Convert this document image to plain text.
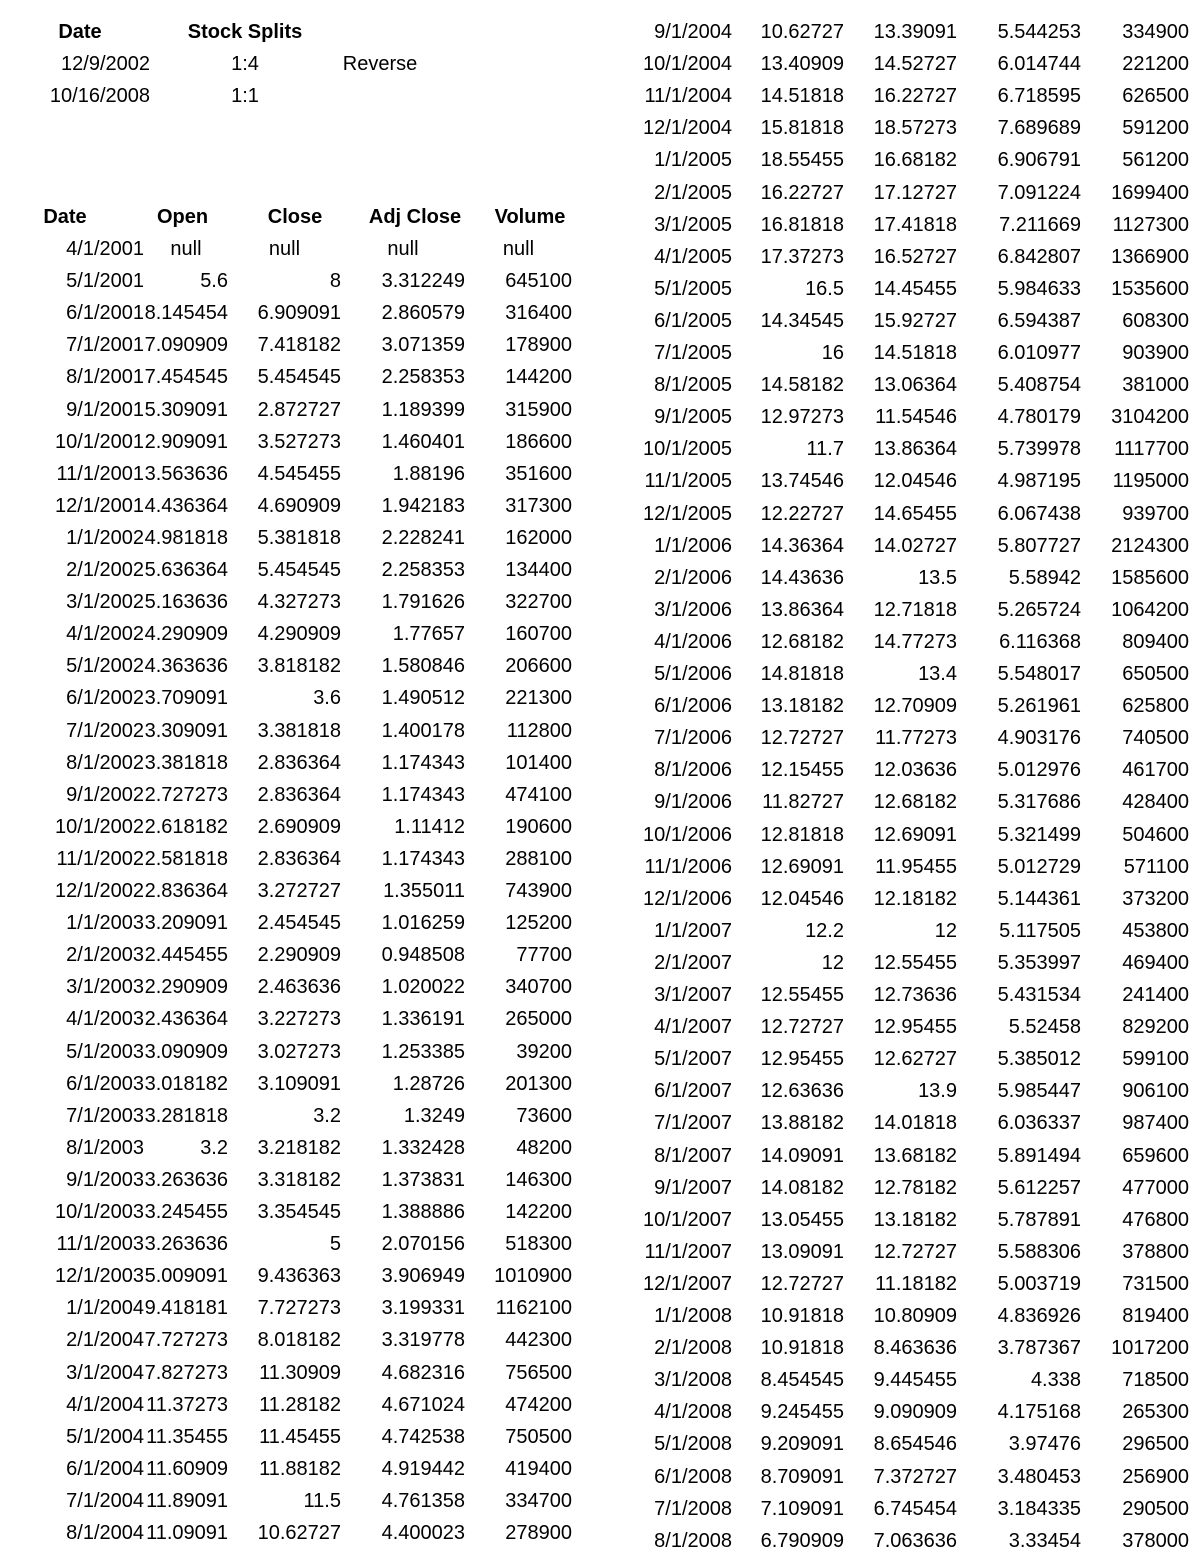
Date	Stock Splits
12/9/2002	1:4	Reverse
10/16/2008	1:1
Date	Open	Close	Adj Close	Volume
4/1/2001	null	null	null	null
5/1/2001	5.6	8	3.312249	645100
6/1/2001 8.145454	6.909091	2.860579	316400
7/1/2001 7.090909	7.418182	3.071359	178900
8/1/2001 7.454545	5.454545	2.258353	144200
9/1/2001 5.309091	2.872727	1.189399	315900
10/1/2001 2.909091	3.527273	1.460401	186600
11/1/2001 3.563636	4.545455	1.88196	351600
12/1/2001 4.436364	4.690909	1.942183	317300
1/1/2002 4.981818	5.381818	2.228241	162000
2/1/2002 5.636364	5.454545	2.258353	134400
3/1/2002 5.163636	4.327273	1.791626	322700
4/1/2002 4.290909	4.290909	1.77657	160700
5/1/2002 4.363636	3.818182	1.580846	206600
6/1/2002 3.709091	3.6	1.490512	221300
7/1/2002 3.309091	3.381818	1.400178	112800
8/1/2002 3.381818	2.836364	1.174343	101400
9/1/2002 2.727273	2.836364	1.174343	474100
10/1/2002 2.618182	2.690909	1.11412	190600
11/1/2002 2.581818	2.836364	1.174343	288100
12/1/2002 2.836364	3.272727	1.355011	743900
1/1/2003 3.209091	2.454545	1.016259	125200
2/1/2003 2.445455	2.290909	0.948508	77700
3/1/2003 2.290909	2.463636	1.020022	340700
4/1/2003 2.436364	3.227273	1.336191	265000
5/1/2003 3.090909	3.027273	1.253385	39200
6/1/2003 3.018182	3.109091	1.28726	201300
7/1/2003 3.281818	3.2	1.3249	73600
8/1/2003	3.2	3.218182	1.332428	48200
9/1/2003 3.263636	3.318182	1.373831	146300
10/1/2003 3.245455	3.354545	1.388886	142200
11/1/2003 3.263636	5	2.070156	518300
12/1/2003 5.009091	9.436363	3.906949	1010900
1/1/2004 9.418181	7.727273	3.199331	1162100
2/1/2004 7.727273	8.018182	3.319778	442300
3/1/2004 7.827273	11.30909	4.682316	756500
4/1/2004 11.37273	11.28182	4.671024	474200
5/1/2004 11.35455	11.45455	4.742538	750500
6/1/2004 11.60909	11.88182	4.919442	419400
7/1/2004 11.89091	11.5	4.761358	334700
8/1/2004 11.09091	10.62727	4.400023	278900
9/1/2004	10.62727	13.39091	5.544253	334900
10/1/2004	13.40909	14.52727	6.014744	221200
11/1/2004	14.51818	16.22727	6.718595	626500
12/1/2004	15.81818	18.57273	7.689689	591200
1/1/2005	18.55455	16.68182	6.906791	561200
2/1/2005	16.22727	17.12727	7.091224	1699400
3/1/2005	16.81818	17.41818	7.211669	1127300
4/1/2005	17.37273	16.52727	6.842807	1366900
5/1/2005	16.5	14.45455	5.984633	1535600
6/1/2005	14.34545	15.92727	6.594387	608300
7/1/2005	16	14.51818	6.010977	903900
8/1/2005	14.58182	13.06364	5.408754	381000
9/1/2005	12.97273	11.54546	4.780179	3104200
10/1/2005	11.7	13.86364	5.739978	1117700
11/1/2005	13.74546	12.04546	4.987195	1195000
12/1/2005	12.22727	14.65455	6.067438	939700
1/1/2006	14.36364	14.02727	5.807727	2124300
2/1/2006	14.43636	13.5	5.58942	1585600
3/1/2006	13.86364	12.71818	5.265724	1064200
4/1/2006	12.68182	14.77273	6.116368	809400
5/1/2006	14.81818	13.4	5.548017	650500
6/1/2006	13.18182	12.70909	5.261961	625800
7/1/2006	12.72727	11.77273	4.903176	740500
8/1/2006	12.15455	12.03636	5.012976	461700
9/1/2006	11.82727	12.68182	5.317686	428400
10/1/2006	12.81818	12.69091	5.321499	504600
11/1/2006	12.69091	11.95455	5.012729	571100
12/1/2006	12.04546	12.18182	5.144361	373200
1/1/2007	12.2	12	5.117505	453800
2/1/2007	12	12.55455	5.353997	469400
3/1/2007	12.55455	12.73636	5.431534	241400
4/1/2007	12.72727	12.95455	5.52458	829200
5/1/2007	12.95455	12.62727	5.385012	599100
6/1/2007	12.63636	13.9	5.985447	906100
7/1/2007	13.88182	14.01818	6.036337	987400
8/1/2007	14.09091	13.68182	5.891494	659600
9/1/2007	14.08182	12.78182	5.612257	477000
10/1/2007	13.05455	13.18182	5.787891	476800
11/1/2007	13.09091	12.72727	5.588306	378800
12/1/2007	12.72727	11.18182	5.003719	731500
1/1/2008	10.91818	10.80909	4.836926	819400
2/1/2008	10.91818	8.463636	3.787367	1017200
3/1/2008	8.454545	9.445455	4.338	718500
4/1/2008	9.245455	9.090909	4.175168	265300
5/1/2008	9.209091	8.654546	3.97476	296500
6/1/2008	8.709091	7.372727	3.480453	256900
7/1/2008	7.109091	6.745454	3.184335	290500
8/1/2008	6.790909	7.063636	3.33454	378000
